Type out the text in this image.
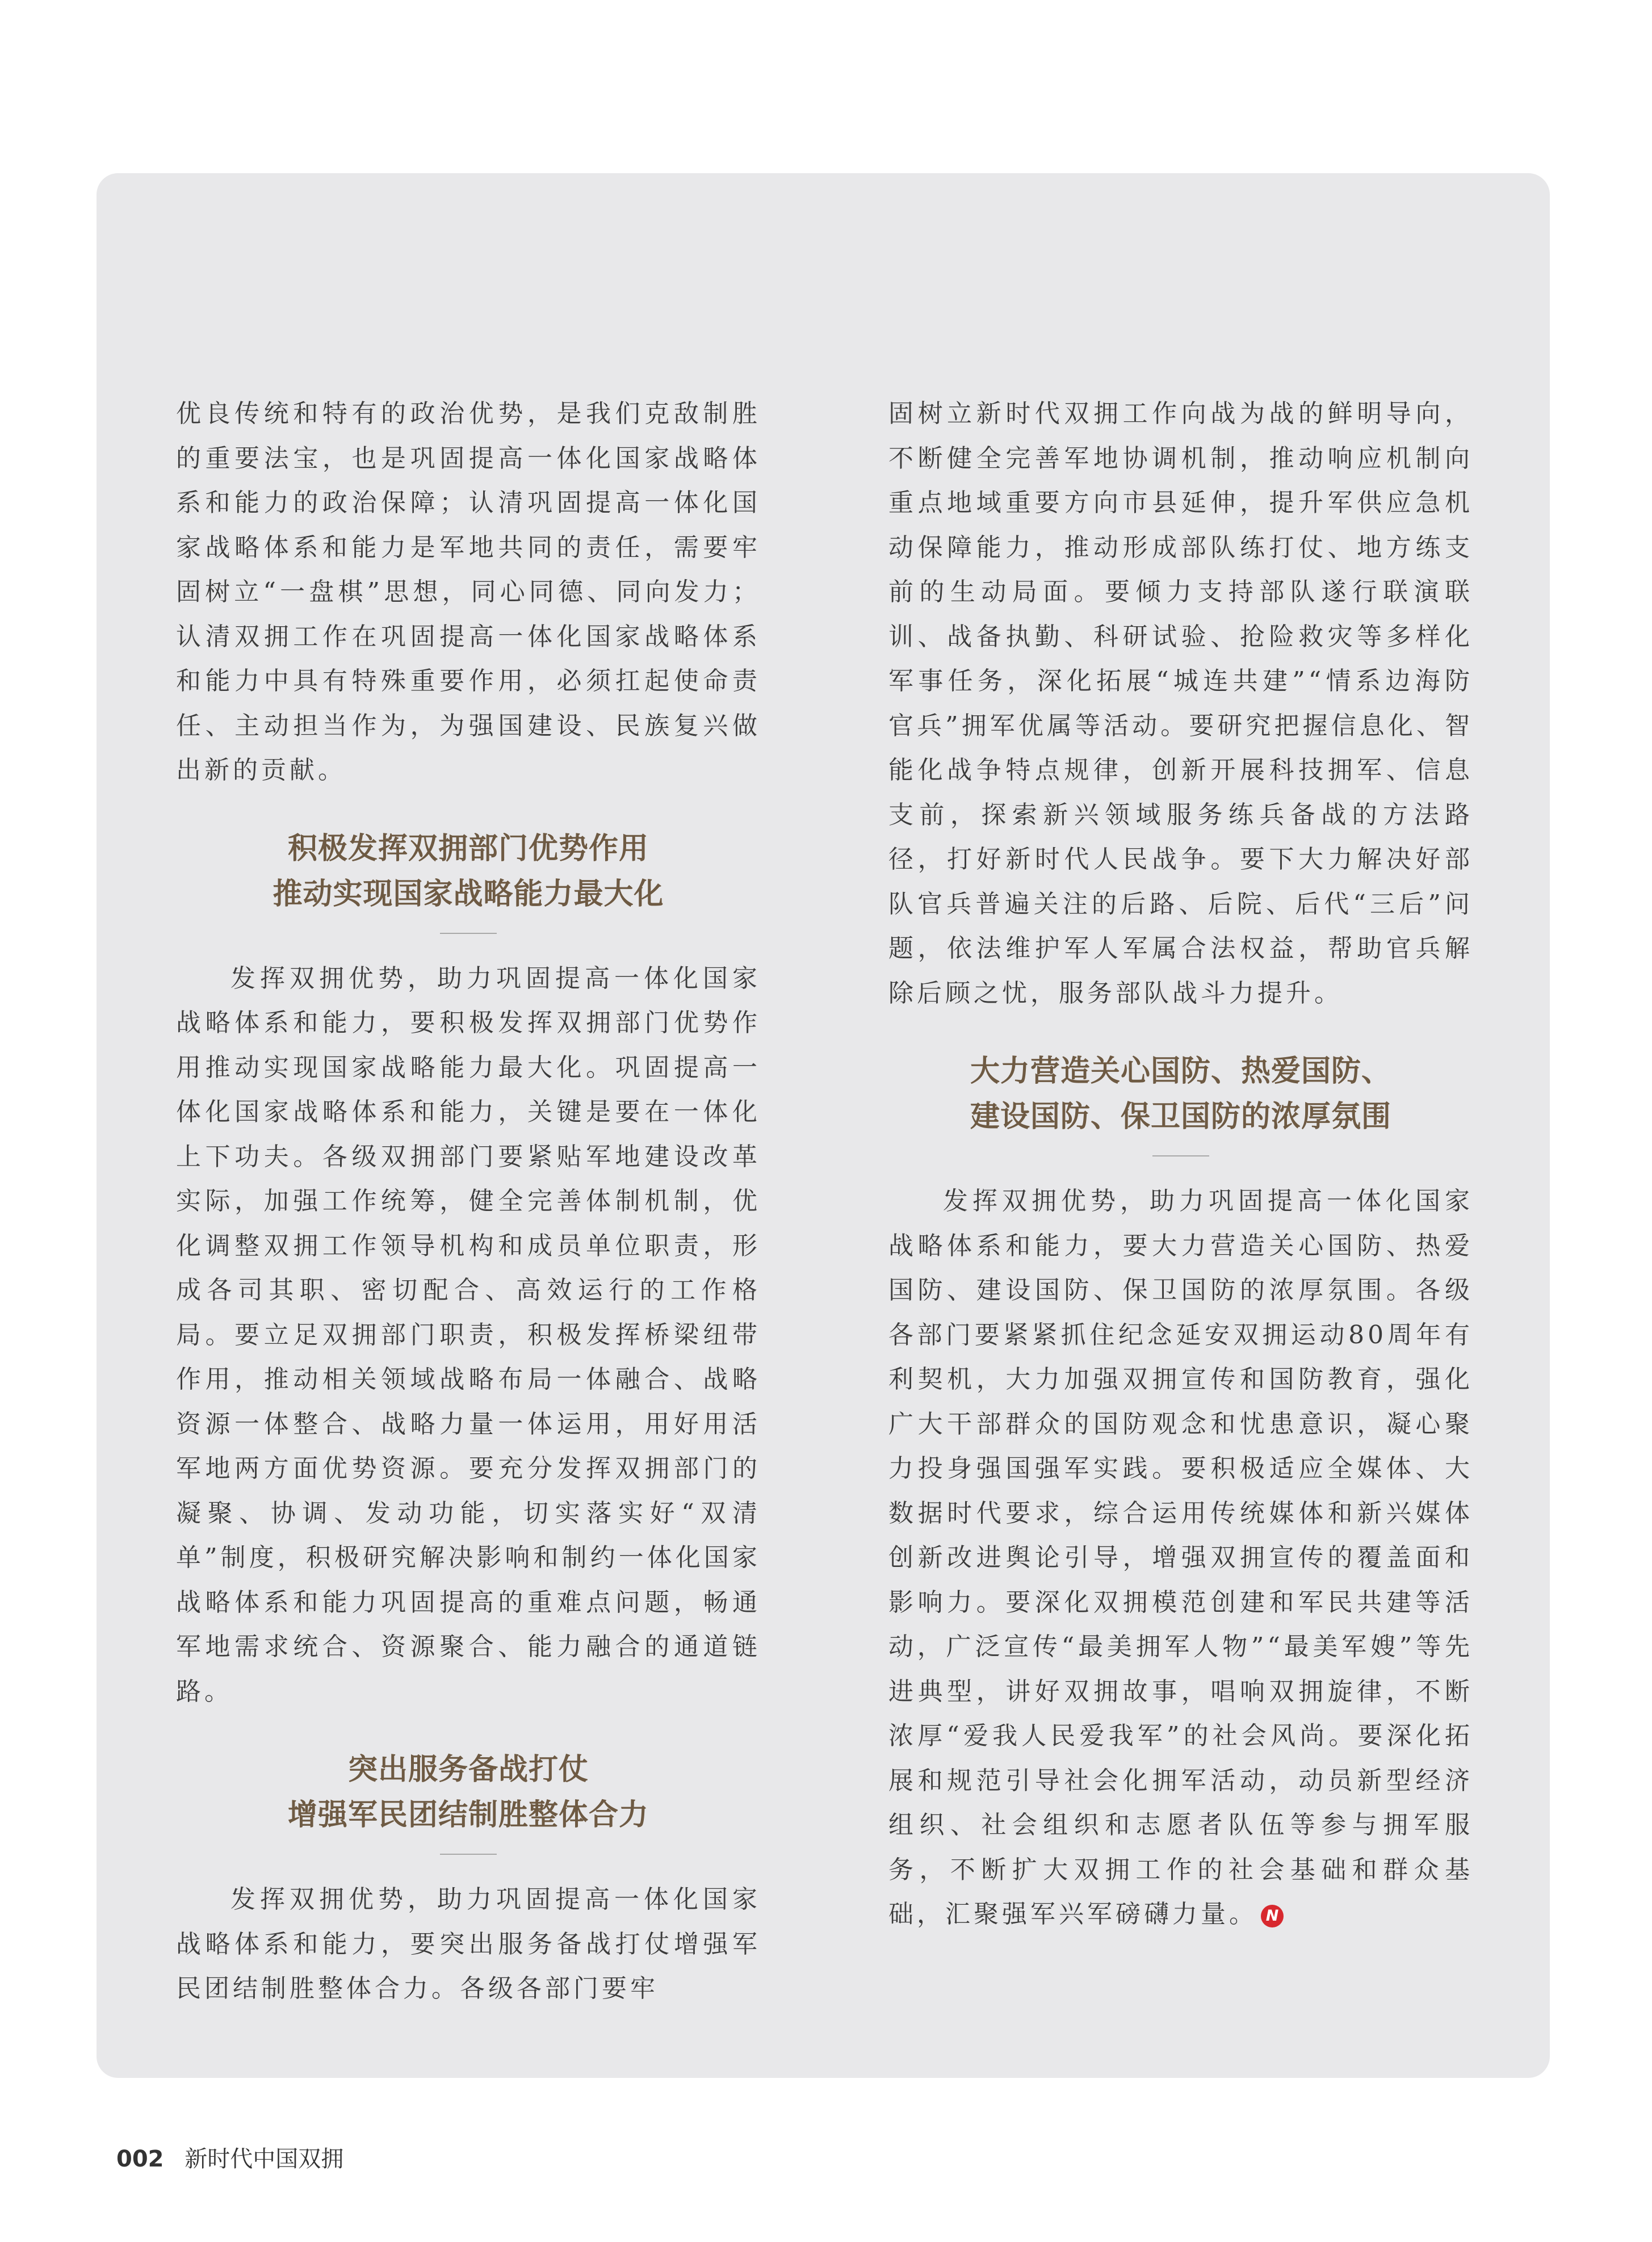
优良传统和特有的政治优势，是我们克敌制胜的重要法宝，也是巩固提高一体化国家战略体系和能力的政治保障；认清巩固提高一体化国家战略体系和能力是军地共同的责任，需要牢固树立“一盘棋”思想，同心同德、同向发力；认清双拥工作在巩固提高一体化国家战略体系和能力中具有特殊重要作用，必须扛起使命责任、主动担当作为，为强国建设、民族复兴做出新的贡献。

积极发挥双拥部门优势作用
推动实现国家战略能力最大化

发挥双拥优势，助力巩固提高一体化国家战略体系和能力，要积极发挥双拥部门优势作用推动实现国家战略能力最大化。巩固提高一体化国家战略体系和能力，关键是要在一体化上下功夫。各级双拥部门要紧贴军地建设改革实际，加强工作统筹，健全完善体制机制，优化调整双拥工作领导机构和成员单位职责，形成各司其职、密切配合、高效运行的工作格局。要立足双拥部门职责，积极发挥桥梁纽带作用，推动相关领域战略布局一体融合、战略资源一体整合、战略力量一体运用，用好用活军地两方面优势资源。要充分发挥双拥部门的凝聚、协调、发动功能，切实落实好“双清单”制度，积极研究解决影响和制约一体化国家战略体系和能力巩固提高的重难点问题，畅通军地需求统合、资源聚合、能力融合的通道链路。

突出服务备战打仗
增强军民团结制胜整体合力

发挥双拥优势，助力巩固提高一体化国家战略体系和能力，要突出服务备战打仗增强军民团结制胜整体合力。各级各部门要牢

固树立新时代双拥工作向战为战的鲜明导向，不断健全完善军地协调机制，推动响应机制向重点地域重要方向市县延伸，提升军供应急机动保障能力，推动形成部队练打仗、地方练支前的生动局面。要倾力支持部队遂行联演联训、战备执勤、科研试验、抢险救灾等多样化军事任务，深化拓展“城连共建”“情系边海防官兵”拥军优属等活动。要研究把握信息化、智能化战争特点规律，创新开展科技拥军、信息支前，探索新兴领域服务练兵备战的方法路径，打好新时代人民战争。要下大力解决好部队官兵普遍关注的后路、后院、后代“三后”问题，依法维护军人军属合法权益，帮助官兵解除后顾之忧，服务部队战斗力提升。

大力营造关心国防、热爱国防、
建设国防、保卫国防的浓厚氛围

发挥双拥优势，助力巩固提高一体化国家战略体系和能力，要大力营造关心国防、热爱国防、建设国防、保卫国防的浓厚氛围。各级各部门要紧紧抓住纪念延安双拥运动80周年有利契机，大力加强双拥宣传和国防教育，强化广大干部群众的国防观念和忧患意识，凝心聚力投身强国强军实践。要积极适应全媒体、大数据时代要求，综合运用传统媒体和新兴媒体创新改进舆论引导，增强双拥宣传的覆盖面和影响力。要深化双拥模范创建和军民共建等活动，广泛宣传“最美拥军人物”“最美军嫂”等先进典型，讲好双拥故事，唱响双拥旋律，不断浓厚“爱我人民爱我军”的社会风尚。要深化拓展和规范引导社会化拥军活动，动员新型经济组织、社会组织和志愿者队伍等参与拥军服务，不断扩大双拥工作的社会基础和群众基础，汇聚强军兴军磅礴力量。 N

002 新时代中国双拥
